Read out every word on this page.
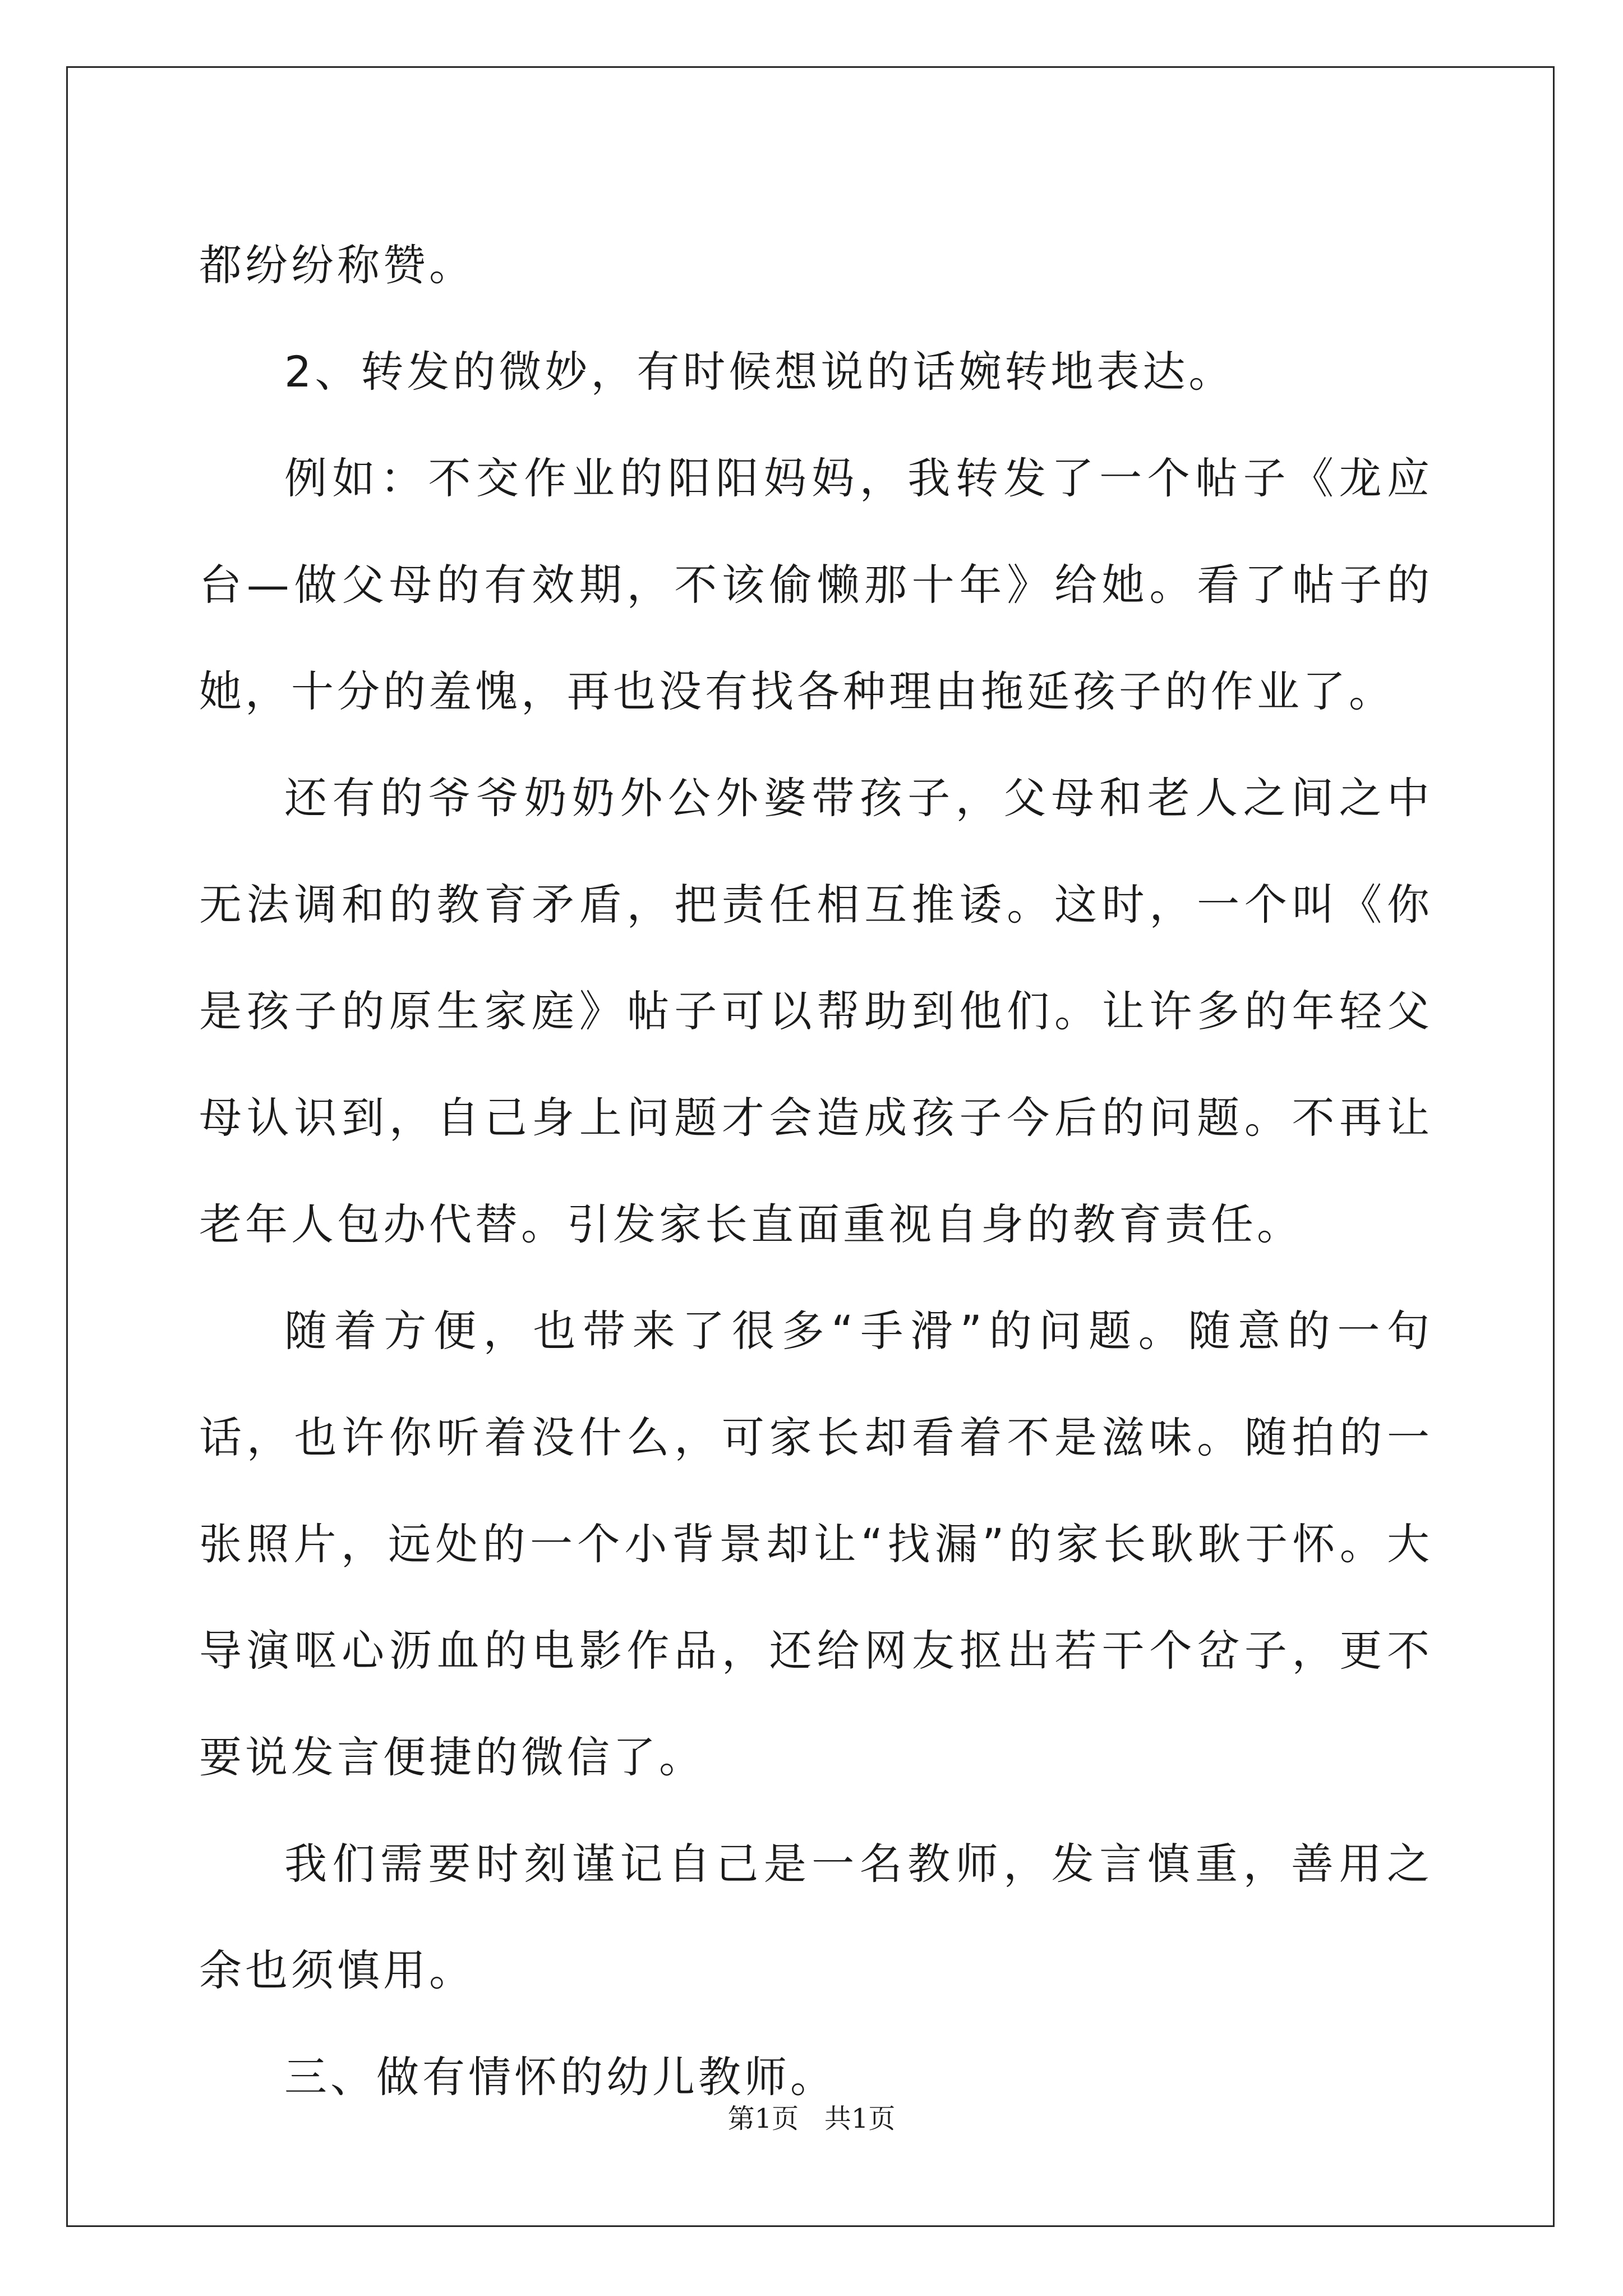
都纷纷称赞。

2、转发的微妙，有时候想说的话婉转地表达。

例如：不交作业的阳阳妈妈，我转发了一个帖子《龙应台—做父母的有效期，不该偷懒那十年》给她。看了帖子的她，十分的羞愧，再也没有找各种理由拖延孩子的作业了。

还有的爷爷奶奶外公外婆带孩子，父母和老人之间之中无法调和的教育矛盾，把责任相互推诿。这时，一个叫《你是孩子的原生家庭》帖子可以帮助到他们。让许多的年轻父母认识到，自己身上问题才会造成孩子今后的问题。不再让老年人包办代替。引发家长直面重视自身的教育责任。

随着方便，也带来了很多“手滑”的问题。随意的一句话，也许你听着没什么，可家长却看着不是滋味。随拍的一张照片，远处的一个小背景却让“找漏”的家长耿耿于怀。大导演呕心沥血的电影作品，还给网友抠出若干个岔子，更不要说发言便捷的微信了。

我们需要时刻谨记自己是一名教师，发言慎重，善用之余也须慎用。

三、做有情怀的幼儿教师。

第1页 共1页
